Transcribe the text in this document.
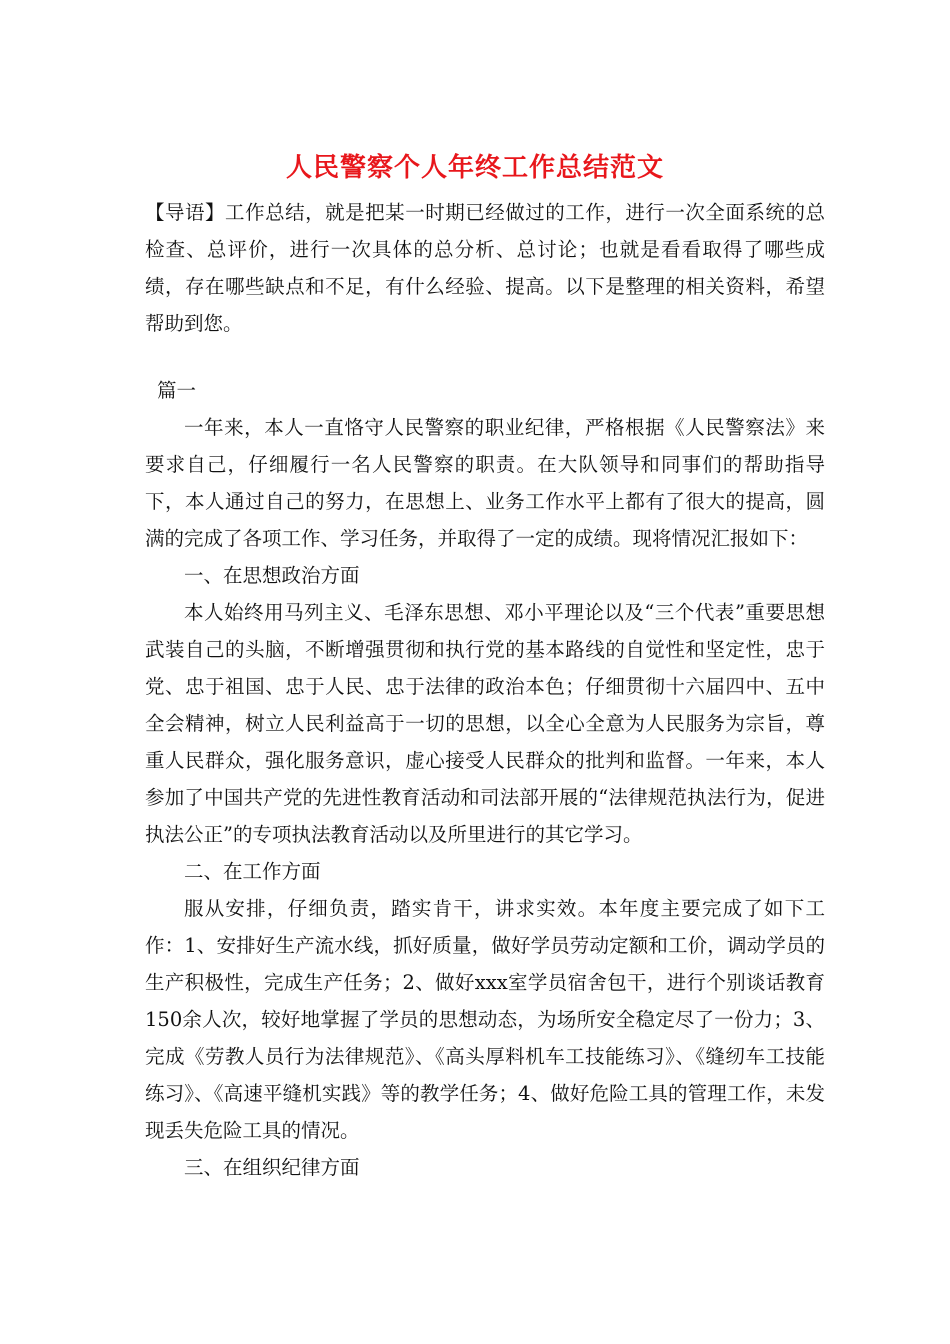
人民警察个人年终工作总结范文

【导语】工作总结，就是把某一时期已经做过的工作，进行一次全面系统的总检查、总评价，进行一次具体的总分析、总讨论；也就是看看取得了哪些成绩，存在哪些缺点和不足，有什么经验、提高。以下是整理的相关资料，希望帮助到您。

篇一

一年来，本人一直恪守人民警察的职业纪律，严格根据《人民警察法》来要求自己，仔细履行一名人民警察的职责。在大队领导和同事们的帮助指导下，本人通过自己的努力，在思想上、业务工作水平上都有了很大的提高，圆满的完成了各项工作、学习任务，并取得了一定的成绩。现将情况汇报如下：

一、在思想政治方面

本人始终用马列主义、毛泽东思想、邓小平理论以及“三个代表”重要思想武装自己的头脑，不断增强贯彻和执行党的基本路线的自觉性和坚定性，忠于党、忠于祖国、忠于人民、忠于法律的政治本色；仔细贯彻十六届四中、五中全会精神，树立人民利益高于一切的思想，以全心全意为人民服务为宗旨，尊重人民群众，强化服务意识，虚心接受人民群众的批判和监督。一年来，本人参加了中国共产党的先进性教育活动和司法部开展的“法律规范执法行为，促进执法公正”的专项执法教育活动以及所里进行的其它学习。

二、在工作方面

服从安排，仔细负责，踏实肯干，讲求实效。本年度主要完成了如下工作：1、安排好生产流水线，抓好质量，做好学员劳动定额和工价，调动学员的生产积极性，完成生产任务；2、做好xxx室学员宿舍包干，进行个别谈话教育150余人次，较好地掌握了学员的思想动态，为场所安全稳定尽了一份力；3、完成《劳教人员行为法律规范》、《高头厚料机车工技能练习》、《缝纫车工技能练习》、《高速平缝机实践》等的教学任务；4、做好危险工具的管理工作，未发现丢失危险工具的情况。

三、在组织纪律方面
